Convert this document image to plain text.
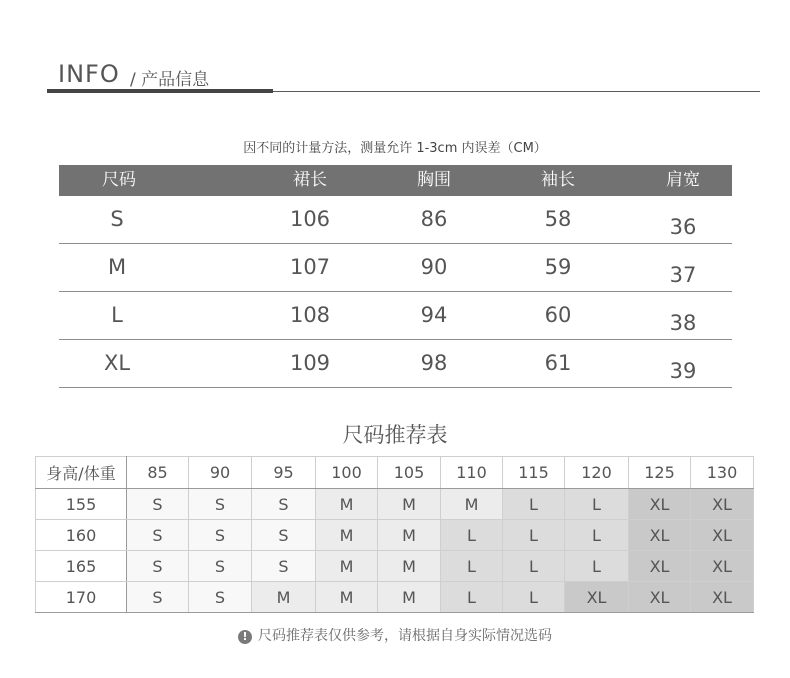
INFO / 产品信息
因不同的计量方法，测量允许 1-3cm 内误差（CM）
尺码	裙长	胸围	袖长	肩宽
S	106	86	58	36
M	107	90	59	37
L	108	94	60	38
XL	109	98	61	39
尺码推荐表
身高/体重	85	90	95	100	105	110	115	120	125	130
155	S	S	S	M	M	M	L	L	XL	XL
160	S	S	S	M	M	L	L	L	XL	XL
165	S	S	S	M	M	L	L	L	XL	XL
170	S	S	M	M	M	L	L	XL	XL	XL
! 尺码推荐表仅供参考，请根据自身实际情况选码
